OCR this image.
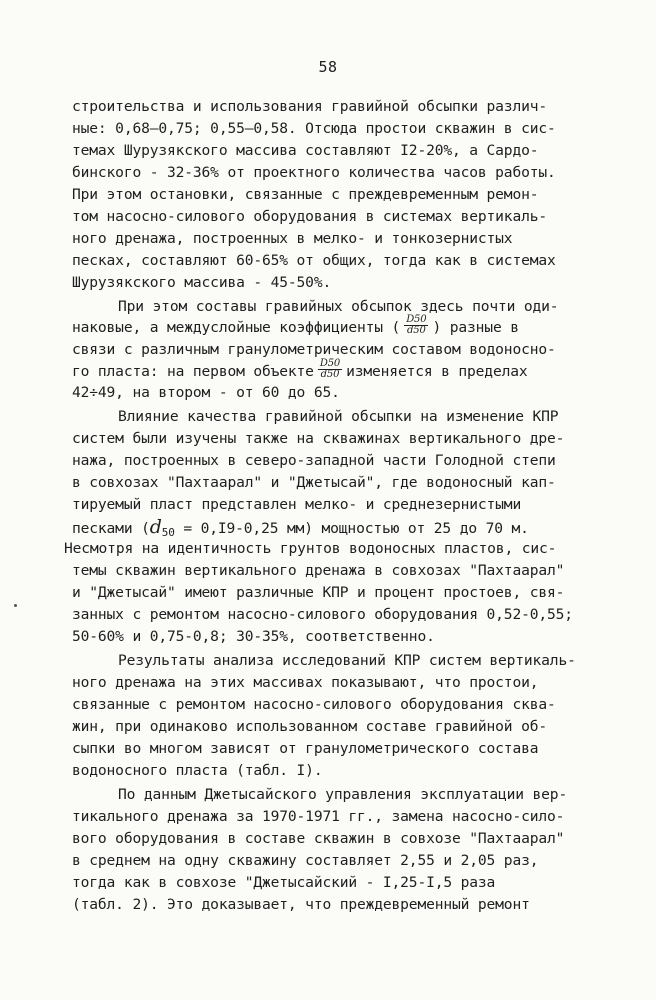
58
строительства и использования гравийной обсыпки различ-
ные: 0,68–0,75; 0,55–0,58. Отсюда простои скважин в сис-
темах Шурузякского массива составляют I2-20%, а Сардо-
бинского - 32-36% от проектного количества часов работы.
При этом остановки, связанные с преждевременным ремон-
том насосно-силового оборудования в системах вертикаль-
ного дренажа, построенных в мелко- и тонкозернистых
песках, составляют 60-65% от общих, тогда как в системах
Шурузякского массива - 45-50%.
При этом составы гравийных обсыпок здесь почти оди-
наковые, а междуслойные коэффициенты ( $\frac{D50}{d50}$ ) разные в
связи с различным гранулометрическим составом водоносно-
го пласта: на первом объекте $\frac{D50}{d50}$ изменяется в пределах
42÷49, на втором - от 60 до 65.
Влияние качества гравийной обсыпки на изменение КПР
систем были изучены также на скважинах вертикального дре-
нажа, построенных в северо-западной части Голодной степи
в совхозах "Пахтаарал" и "Джетысай", где водоносный кап-
тируемый пласт представлен мелко- и среднезернистыми
песками ($d_{50} = 0,I9-0,25$ мм) мощностью от 25 до 70 м.
Несмотря на идентичность грунтов водоносных пластов, сис-
темы скважин вертикального дренажа в совхозах "Пахтаарал"
и "Джетысай" имеют различные КПР и процент простоев, свя-
занных с ремонтом насосно-силового оборудования 0,52-0,55;
50-60% и 0,75-0,8; 30-35%, соответственно.
Результаты анализа исследований КПР систем вертикаль-
ного дренажа на этих массивах показывают, что простои,
связанные с ремонтом насосно-силового оборудования сква-
жин, при одинаково использованном составе гравийной об-
сыпки во многом зависят от гранулометрического состава
водоносного пласта (табл. I).
По данным Джетысайского управления эксплуатации вер-
тикального дренажа за 1970-1971 гг., замена насосно-сило-
вого оборудования в составе скважин в совхозе "Пахтаарал"
в среднем на одну скважину составляет 2,55 и 2,05 раз,
тогда как в совхозе "Джетысайский - I,25-I,5 раза
(табл. 2). Это доказывает, что преждевременный ремонт
